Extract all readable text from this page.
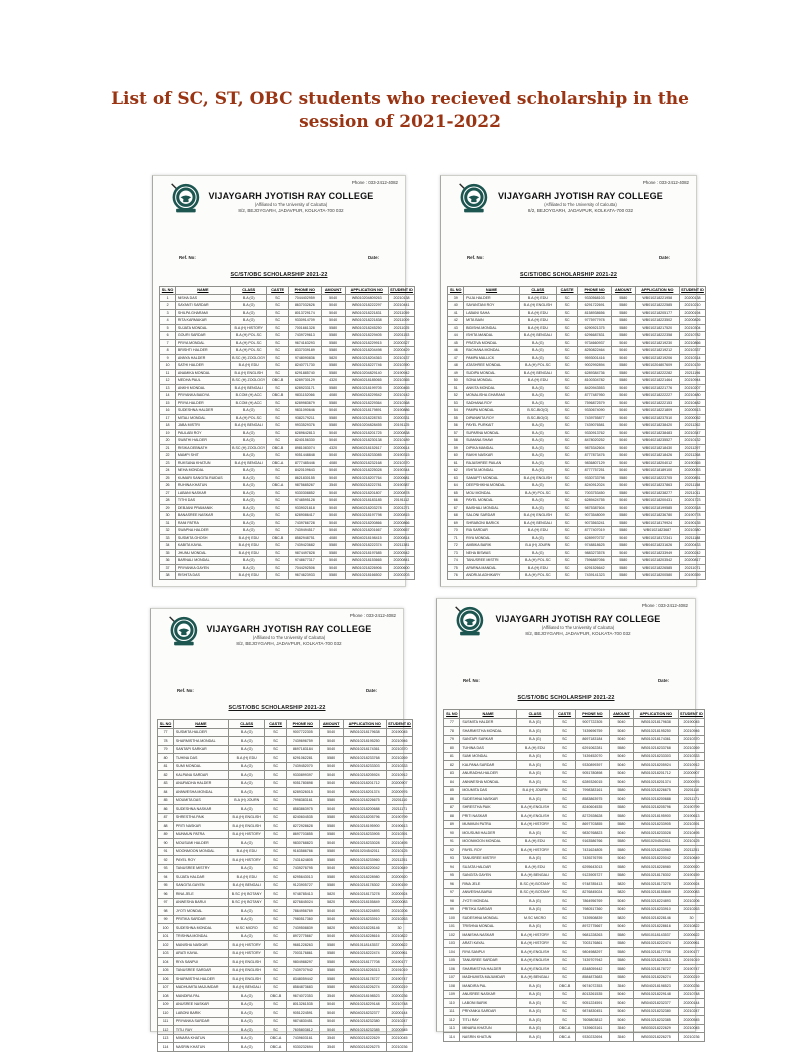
List of SC, ST, OBC students who recieved scholarship in the
session of 2021-2022
Phone : 033-2412-4082
VIJAYGARH JYOTISH RAY COLLEGE
(Affiliated to The University of Calcutta)
8/2, BEJOYGARH, JADAVPUR, KOLKATA-700 032
Ref. No:	Date:
SC/ST/OBC SCHOLARSHIP 2021-22
SL NO	NAME	CLASS	CASTE	PHONE NO	AMOUNT	APPLICATION NO	STUDENT ID
1	NISHA DAS	B.A (G)	SC	7044402959	5040	WB010204809263	20210138
2	SAYANTI SARDAR	B.A (G)	SC	8637032626	5040	WB010218222297	20210441
3	SHILPA GHARAMI	B.A (G)	SC	8013729174	5040	WB010218221831	20211059
4	RITA KARMAKAR	B.A (G)	SC	9330914709	5040	WB010218221838	20211009
5	SUJATA MONDAL	B.A (H) HISTORY	SC	7001661328	5580	WB010218245250	20211025
6	GOURI SARDAR	B.A (H) POL.SC	SC	7439729613	5580	WB010218229405	20201153
7	PRIYA MONDAL	B.A (H) POL.SC	SC	9674163293	5580	WB010218229915	20200327
8	BRISHTI HALDER	B.A (H) POL.SC	SC	8337039189	5580	WB010218204498	20200429
9	ANNYA HALDER	B.SC (H) ZOOLOGY	SC	9748090836	5820	WB010218204363	20210137
10	SATHI HALDER	B.A (H) EDU	SC	8240771730	5580	WB010218227746	20210390
11	ANAMIKA MONDAL	B.A (H) ENGLISH	SC	6291885740	5580	WB010204829140	20190942
12	MEDHA PAUL	B.SC (H) ZOOLOGY	OBC-B	6289730129	4320	WB040218185065	20210365
13	ANKHI MONDAL	B.A (H) BENGALI	SC	6289233171	5580	WB010218199705	20200465
14	PRIYANKA BAIDYA	B.COM (H) ACC	OBC-B	9831152066	4080	WB040218229542	20210142
15	PRIYA HALDER	B.COM (H) ACC	SC	6289983679	5580	WB010218229364	20210368
16	SUDESHNA HALDER	B.A (G)	SC	9831090646	5040	WB010218179891	20190886
17	MITALI MONDAL	B.A (H) POL.SC	SC	9382179211	5580	WB010218228783	20200331
18	JABA MISTRI	B.A (H) BENGALI	SC	9933529376	5580	WB010204828455	20191125
19	PAULABI ROY	B.A (G)	SC	6289642813	5040	WB010218201725	20200838
20	SWATHI HALDER	B.A (G)	SC	8240156330	5040	WB010218230138	20210189
21	RISIKA DEBNATH	B.SC (H) ZOOLOGY	OBC-B	8981083074	4320	WB040218152617	20200614
22	MAMPI SHIT	B.A (G)	SC	9051448848	5040	WB010218233085	20190315
23	RUKSANA KHATUN	B.A (H) BENGALI	OBC-A	8777485446	4080	WB030218232168	20210370
24	NEHA MONDAL	B.A (G)	SC	8420109643	5040	WB010218225028	20190344
25	KUMARI SANGITA RUIDAS	B.A (G)	SC	8621830155	5040	WB010218207764	20200681
26	RUHINA KHATUN	B.A (G)	OBC-A	9875685267	3540	WB030218222781	20190387
27	LABANI NASKAR	B.A (G)	SC	9330308852	5040	WB010218201807	20200878
28	TITHI DAS	B.A (G)	SC	9748595128	5040	WB010218183185	20191112
29	DEBJANI PRAMANIK	B.A (G)	SC	9339021618	5040	WB040218203278	20201271
30	BANASREE NASKAR	B.A (G)	SC	6289086417	5040	WB010218197798	20200815
31	RANI PATRA	B.A (G)	SC	7439766728	5040	WB010218200866	20200866
32	SWAPNA HALDER	B.A (G)	SC	7439494517	5040	WB010218201667	20200657
33	SUSMITA GHOSH	B.A (H) EDU	OBC-B	8582948751	4080	WB040218198415	20200814
34	KABITA KAYAL	B.A (H) EDU	SC	7439423682	5580	WB010218222374	20211381
35	JHUNU MONDAL	B.A (H) EDU	SC	9874497828	5580	WB010218197685	20200542
36	BARNALI MONDAL	B.A (G)	SC	9748677317	5040	WB010218153665	20200841
37	PRIYANKA GAYEN	B.A (G)	SC	7044292506	5040	WB010218226906	20200600
38	RISHITA DAS	B.A (H) EDU	SC	9674623933	5580	WB010218166502	20200203
Phone : 033-2412-4082
VIJAYGARH JYOTISH RAY COLLEGE
(Affiliated to The University of Calcutta)
8/2, BEJOYGARH, JADAVPUR, KOLKATA-700 032
Ref. No:	Date:
SC/ST/OBC SCHOLARSHIP 2021-22
SL NO	NAME	CLASS	CASTE	PHONE NO	AMOUNT	APPLICATION NO	STUDENT ID
39	PUJA HALDER	B.A (H) EDU	SC	9330568103	5580	WB010218221958	20200138
40	SAYANTANI ROY	B.A (H) ENGLISH	SC	6291722691	5580	WB010218222585	20210210
41	LABANI SAHA	B.A (H) EDU	SC	8158938656	5580	WB010218205177	20200194
42	MITA BAIN	B.A (H) EDU	SC	9775977978	5580	WB010218223502	20200826
43	BIDISHA MONDAL	B.A (H) EDU	SC	6290921375	5580	WB010218217520	20210304
44	ISHITA MANDAL	B.A (H) BENGALI	SC	6296687831	5580	WB010218222358	20210782
45	PRATIVA MONDAL	B.A (G)	SC	9734660937	5040	WB010218219230	20210866
46	RACHANA MONDAL	B.A (G)	SC	8250822464	5040	WB010218219212	20210337
47	PAMPA MALLICK	B.A (G)	SC	9593001416	5040	WB010218219206	20210314
48	ATASHREE MONDAL	B.A (H) POL.SC	SC	9002992894	5580	WB010204807609	20210139
49	SUDIPA MONDAL	B.A (H) BENGALI	SC	6289384736	5580	WB010218222282	20211196
50	SONA MONDAL	B.A (H) EDU	SC	8100304782	5580	WB010218221464	20210944
51	ANKITA MONDAL	B.A (G)	SC	8420943553	5040	WB010218221776	20210207
52	MONALISHA GHARAMI	B.A (G)	SC	8777487950	5040	WB010218222227	20210480
53	SADHANA ROY	B.A (G)	SC	7596872579	5040	WB010218222153	20210482
54	PAMPA MONDAL	B.SC-BIO(G)	SC	9330674090	5040	WB010218221809	20200513
55	DIPANWITA ROY	B.SC-BIO(G)	SC	7439755877	5040	WB010218237510	20200052
56	PAYEL PURKAIT	B.A (G)	SC	7439076581	5040	WB010218238420	20211262
57	SUPARNA MONDAL	B.A (G)	SC	9330913762	5040	WB010218238483	20210347
58	SUMANA SHAW	B.A (G)	SC	8478020252	5040	WB040218235527	20210132
59	DIPIKA MANDAL	B.A (G)	SC	9875342604	5040	WB010218218430	20211297
60	RAKHI NASKAR	B.A (G)	SC	8777873476	5040	WB010218218426	20211268
61	RAJASHREE PAILAN	B.A (G)	SC	9836807129	5040	WB010218204012	20190365
62	ISHITA MONDAL	B.A (G)	SC	8777757251	5040	WB010218189100	20200053
63	SAMAPTI MONDAL	B.A (H) ENGLISH	SC	9330733798	5580	WB010218223705	20200851
64	DEEPSHIKHA MONDAL	B.A (G)	SC	8240912024	5040	WB010218237863	20211158
65	MOU MONDAL	B.A (H) POL.SC	SC	7003753450	5580	WB010218238277	20211011
66	PAYEL MONDAL	B.A (G)	SC	6289424755	5040	WB010218200431	20201723
67	BAISHALI MONDAL	B.A (G)	SC	9875387604	5040	WB010218199585	20200318
68	SALONI SARDAR	B.A (H) ENGLISH	SC	9073548009	5580	WB010218236780	20190778
69	SHRABONI BARICK	B.A (H) BENGALI	SC	9073563241	5580	WB010218179924	20190135
70	RIA SARDAR	B.A (H) EDU	SC	8777407019	5580	WB01021823687	20210380
71	RIYA MONDAL	B.A (G)	SC	6289970737	5040	WB010218172341	20211188
72	AMBIKA BARIK	B.A (H) JOURN	SC	9748818625	5580	WB040218231626	20200433
73	NEHA BISWAS	B.A (G)	SC	9883273578	5040	WB010218233949	20200242
74	TANUSREE MISTRI	B.A (H) POL.SC	SC	7596887056	5580	WB010218203542	20200817
75	APARNA MANDAL	B.A (H) EDU	SC	6291526642	5580	WB010218226585	20211071
76	ANDRIJA ADHIKARY	B.A (H) POL.SC	SC	7439141323	5580	WB010218200580	20190359
Phone : 033-2412-4082
VIJAYGARH JYOTISH RAY COLLEGE
(Affiliated to The University of Calcutta)
8/2, BEJOYGARH, JADAVPUR, KOLKATA-700 032
Ref. No:	Date:
SC/ST/OBC SCHOLARSHIP 2021-22
SL NO	NAME	CLASS	CASTE	PHONE NO	AMOUNT	APPLICATION NO	STUDENT ID
77	SUSMITA HALDER	B.A (G)	SC	9007722305	5040	WB010218179638	20190045
78	SHARMISTHA MONDAL	B.A (G)	SC	7439696759	5040	WB010218195250	20210946
79	SANTAPI SARKAR	B.A (G)	SC	8697183184	5040	WB010218174361	20210370
80	TUHINA DAS	B.A (H) EDU	SC	6291062281	5580	WB010218233768	20210269
81	SUMI MONDAL	B.A (G)	SC	7439452070	5040	WB010218233303	20210333
82	KALPANA SARDAR	B.A (G)	SC	9330899397	5040	WB010218205924	20210912
83	ANURADHA HALDER	B.A (G)	SC	9051780898	5040	WB010218201712	20200907
84	ANNWESHA MONDAL	B.A (G)	SC	6289326015	5040	WB010218201374	20200976
85	MOUMITA DAS	B.A (H) JOURN	SC	7998383161	5580	WB010218226675	20201110
86	SUDESHNA NASKAR	B.A (G)	SC	8583863975	5040	WB010218200688	20211171
87	SHRESTHA PAIK	B.A (H) ENGLISH	SC	8240604535	5580	WB010218205796	20190799
88	PRITI NASKAR	B.A (H) ENGLISH	SC	8272928628	5580	WB010218195900	20190613
89	MUNMUN PATRA	B.A (H) HISTORY	SC	8697703855	5580	WB010218233905	20210391
90	MOUSUMI HALDER	B.A (G)	SC	9830768823	5040	WB010218233028	20210495
91	MOONMOON MONDAL	B.A (H) EDU	SC	9163586766	5580	WB010204542011	20210125
92	PAYEL ROY	B.A (H) HISTORY	SC	7431624805	5580	WB010218233960	20211251
93	TANUSREE MISTRY	B.A (G)	SC	7439276795	5040	WB010218220042	20210649
94	SUJATA HALDAR	B.A (H) EDU	SC	6295643013	5580	WB010218228980	20200920
95	SANGITA GAYEN	B.A (H) BENGALI	SC	9123905727	5580	WB010218178302	20190159
96	RINA JELE	B.SC (H) BOTANY	SC	9748785413	5820	WB010218173278	20200924
97	ANWESHA BARUI	B.SC (H) BOTANY	SC	8276845024	5820	WB010218155849	20200083
98	JYOTI MONDAL	B.A (G)	SC	7864956769	5040	WB010218224893	20210206
99	PRITIKA SARDAR	B.A (G)	SC	7980517360	5040	WB010218233910	20210263
100	SUDESHNA MONDAL	M.SC MICRO	SC	7439508839	5820	WB010218228146	30
101	TRISHNA MONDAL	B.A (G)	SC	8972775667	5040	WB010218228616	20210822
102	MANISHA NASKAR	B.A (H) HISTORY	SC	9681228263	5580	WB010118143537	20200622
103	ARATI KAYAL	B.A (H) HISTORY	SC	7003176861	5580	WB010218222474	20200961
104	RIYA SANPUI	B.A (H) ENGLISH	SC	9804988297	5580	WB010218177708	20190177
105	TANUSREE SARDAR	B.A (H) ENGLISH	SC	7439707942	5580	WB010218226313	20191019
106	SHARMISTHA HALDER	B.A (H) ENGLISH	SC	8348059442	5580	WB010218178727	20190747
107	MADHUMITA MAJUMDAR	B.A (H) BENGALI	SC	8584873683	5580	WB010218226274	20200219
108	MANDIRA PAL	B.A (G)	OBC-B	9674072353	3540	WB040218198523	20200236
109	ANUSREE NASKAR	B.A (G)	SC	8013261535	5040	WB010218229148	20210748
110	LABONI BARIK	B.A (G)	SC	9051224591	5040	WB040218232377	20200144
111	PRIYANKA SARDAR	B.A (G)	SC	9874830451	5040	WB010218232380	20210247
112	TITLI RAY	B.A (G)	SC	7605803812	5040	WB010218232385	20200545
113	MINARA KHATUN	B.A (G)	OBC-A	7439603161	3540	WB030218222629	20210045
114	NASRIN KHATUN	B.A (G)	OBC-A	9330232694	3540	WB030218226275	20210236
Phone : 033-2412-4082
VIJAYGARH JYOTISH RAY COLLEGE
(Affiliated to The University of Calcutta)
8/2, BEJOYGARH, JADAVPUR, KOLKATA-700 032
Ref. No:	Date:
SC/ST/OBC SCHOLARSHIP 2021-22
SL NO	NAME	CLASS	CASTE	PHONE NO	AMOUNT	APPLICATION NO	STUDENT ID
77	SUSMITA HALDER	B.A (G)	SC	9007722305	5040	WB010218179638	20190045
78	SHARMISTHA MONDAL	B.A (G)	SC	7439696759	5040	WB010218195250	20210946
79	SANTAPI SARKAR	B.A (G)	SC	8697183184	5040	WB010218174361	20210370
80	TUHINA DAS	B.A (H) EDU	SC	6291062281	5580	WB010218233768	20210269
81	SUMI MONDAL	B.A (G)	SC	7439452070	5040	WB010218233303	20210333
82	KALPANA SARDAR	B.A (G)	SC	9330899397	5040	WB010218205924	20210912
83	ANURADHA HALDER	B.A (G)	SC	9051780898	5040	WB010218201712	20200907
84	ANNWESHA MONDAL	B.A (G)	SC	6289326015	5040	WB010218201374	20200976
85	MOUMITA DAS	B.A (H) JOURN	SC	7998383161	5580	WB010218226675	20201110
86	SUDESHNA NASKAR	B.A (G)	SC	8583863975	5040	WB010218200688	20211171
87	SHRESTHA PAIK	B.A (H) ENGLISH	SC	8240604535	5580	WB010218205796	20190799
88	PRITI NASKAR	B.A (H) ENGLISH	SC	8272928628	5580	WB010218195900	20190613
89	MUNMUN PATRA	B.A (H) HISTORY	SC	8697703855	5580	WB010218233905	20210391
90	MOUSUMI HALDER	B.A (G)	SC	9830768823	5040	WB010218233028	20210495
91	MOONMOON MONDAL	B.A (H) EDU	SC	9163586766	5580	WB010204542011	20210125
92	PAYEL ROY	B.A (H) HISTORY	SC	7431624805	5580	WB010218233960	20211251
93	TANUSREE MISTRY	B.A (G)	SC	7439276795	5040	WB010218220042	20210649
94	SUJATA HALDAR	B.A (H) EDU	SC	6295643013	5580	WB010218228980	20200920
95	SANGITA GAYEN	B.A (H) BENGALI	SC	9123905727	5580	WB010218178302	20190159
96	RINA JELE	B.SC (H) BOTANY	SC	9748785413	5820	WB010218173278	20200924
97	ANWESHA BARUI	B.SC (H) BOTANY	SC	8276845024	5820	WB010218155849	20200083
98	JYOTI MONDAL	B.A (G)	SC	7864956769	5040	WB010218224893	20210206
99	PRITIKA SARDAR	B.A (G)	SC	7980517360	5040	WB010218233910	20210263
100	SUDESHNA MONDAL	M.SC MICRO	SC	7439508839	5820	WB010218228146	30
101	TRISHNA MONDAL	B.A (G)	SC	8972775667	5040	WB010218228616	20210822
102	MANISHA NASKAR	B.A (H) HISTORY	SC	9681228263	5580	WB010118143537	20200622
103	ARATI KAYAL	B.A (H) HISTORY	SC	7003176861	5580	WB010218222474	20200961
104	RIYA SANPUI	B.A (H) ENGLISH	SC	9804988297	5580	WB010218177708	20190177
105	TANUSREE SARDAR	B.A (H) ENGLISH	SC	7439707942	5580	WB010218226313	20191019
106	SHARMISTHA HALDER	B.A (H) ENGLISH	SC	8348059442	5580	WB010218178727	20190747
107	MADHUMITA MAJUMDAR	B.A (H) BENGALI	SC	8584873683	5580	WB010218226274	20200219
108	MANDIRA PAL	B.A (G)	OBC-B	9674072353	3540	WB040218198523	20200236
109	ANUSREE NASKAR	B.A (G)	SC	8013261535	5040	WB010218229148	20210748
110	LABONI BARIK	B.A (G)	SC	9051224591	5040	WB040218232377	20200144
111	PRIYANKA SARDAR	B.A (G)	SC	9874830451	5040	WB010218232380	20210247
112	TITLI RAY	B.A (G)	SC	7605803812	5040	WB010218232385	20200545
113	MINARA KHATUN	B.A (G)	OBC-A	7439603161	3540	WB030218222629	20210045
114	NASRIN KHATUN	B.A (G)	OBC-A	9330232694	3540	WB030218226275	20210236
